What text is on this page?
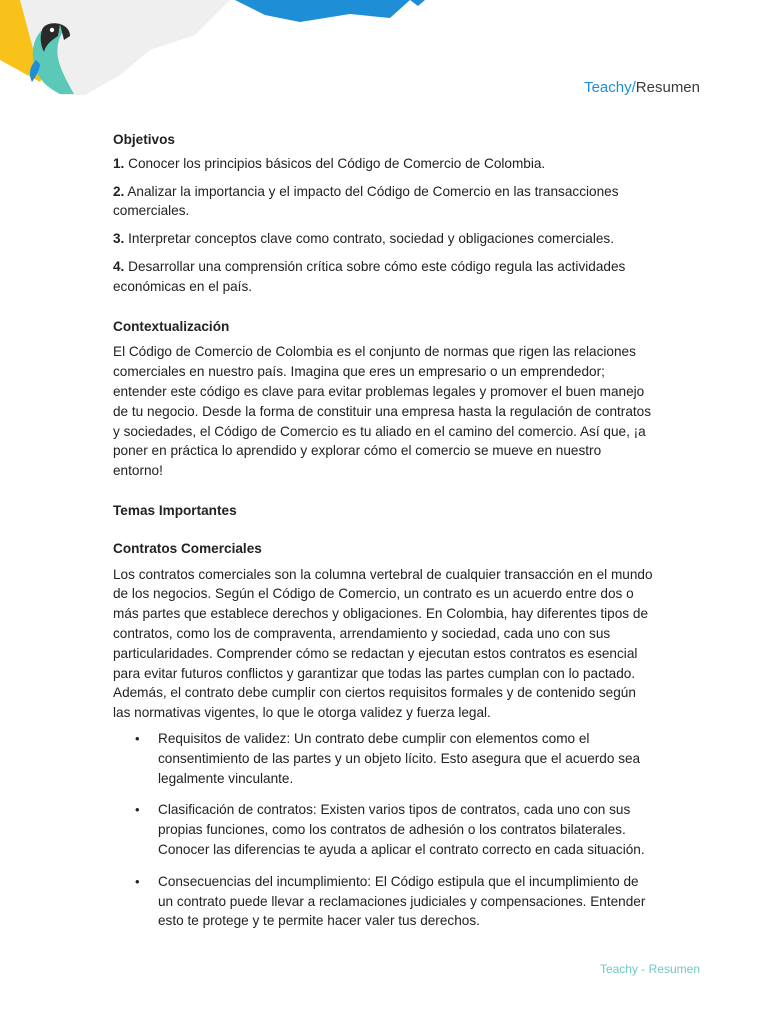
Teachy/Resumen

Objetivos

1. Conocer los principios básicos del Código de Comercio de Colombia.

2. Analizar la importancia y el impacto del Código de Comercio en las transacciones comerciales.

3. Interpretar conceptos clave como contrato, sociedad y obligaciones comerciales.

4. Desarrollar una comprensión crítica sobre cómo este código regula las actividades económicas en el país.

Contextualización

El Código de Comercio de Colombia es el conjunto de normas que rigen las relaciones comerciales en nuestro país. Imagina que eres un empresario o un emprendedor; entender este código es clave para evitar problemas legales y promover el buen manejo de tu negocio. Desde la forma de constituir una empresa hasta la regulación de contratos y sociedades, el Código de Comercio es tu aliado en el camino del comercio. Así que, ¡a poner en práctica lo aprendido y explorar cómo el comercio se mueve en nuestro entorno!

Temas Importantes

Contratos Comerciales

Los contratos comerciales son la columna vertebral de cualquier transacción en el mundo de los negocios. Según el Código de Comercio, un contrato es un acuerdo entre dos o más partes que establece derechos y obligaciones. En Colombia, hay diferentes tipos de contratos, como los de compraventa, arrendamiento y sociedad, cada uno con sus particularidades. Comprender cómo se redactan y ejecutan estos contratos es esencial para evitar futuros conflictos y garantizar que todas las partes cumplan con lo pactado. Además, el contrato debe cumplir con ciertos requisitos formales y de contenido según las normativas vigentes, lo que le otorga validez y fuerza legal.

• Requisitos de validez: Un contrato debe cumplir con elementos como el consentimiento de las partes y un objeto lícito. Esto asegura que el acuerdo sea legalmente vinculante.
• Clasificación de contratos: Existen varios tipos de contratos, cada uno con sus propias funciones, como los contratos de adhesión o los contratos bilaterales. Conocer las diferencias te ayuda a aplicar el contrato correcto en cada situación.
• Consecuencias del incumplimiento: El Código estipula que el incumplimiento de un contrato puede llevar a reclamaciones judiciales y compensaciones. Entender esto te protege y te permite hacer valer tus derechos.
Teachy - Resumen
